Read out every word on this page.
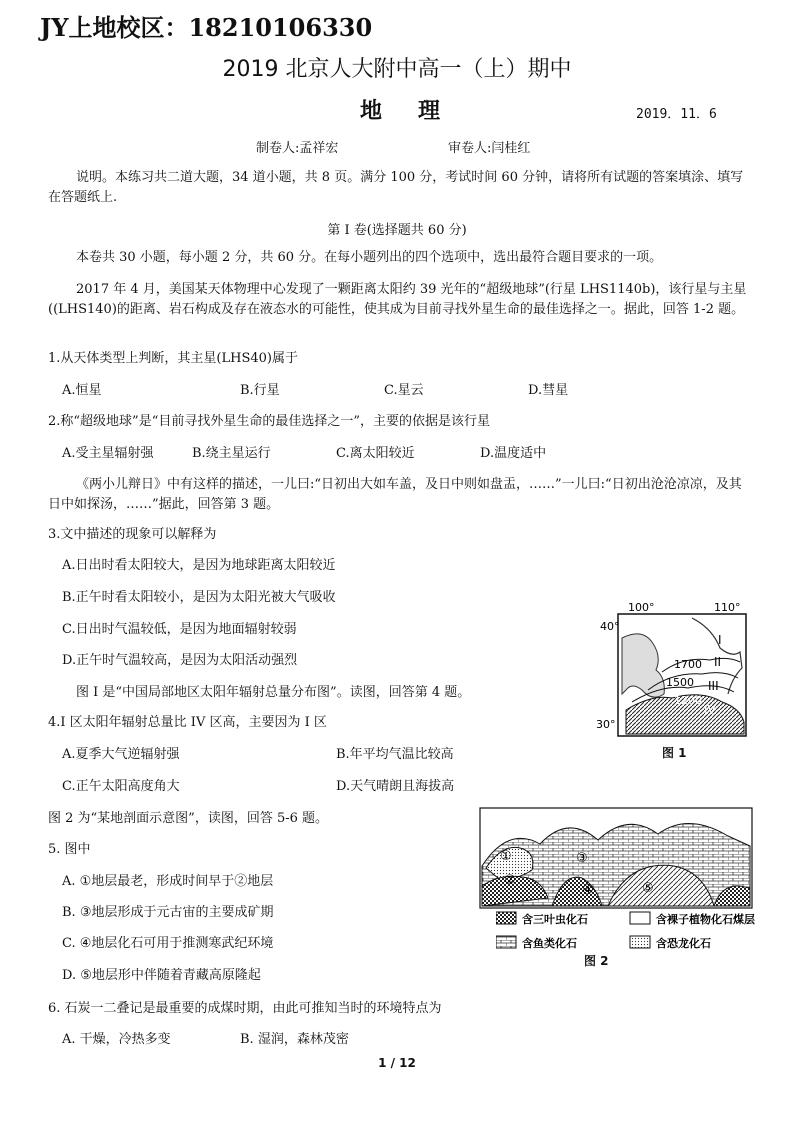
JY上地校区：18210106330
2019 北京人大附中高一（上）期中
地理	2019．11．6
制卷人:孟祥宏	审卷人:闫桂红
说明。本练习共二道大题，34 道小题，共 8 页。满分 100 分，考试时间 60 分钟，请将所有试题的答案填涂、填写在答题纸上.
第 I 卷(选择题共 60 分)
本卷共 30 小题，每小题 2 分，共 60 分。在每小题列出的四个选项中，选出最符合题目要求的一项。
2017 年 4 月，美国某天体物理中心发现了一颗距离太阳约 39 光年的“超级地球”(行星 LHS1140b)，该行星与主星((LHS140)的距离、岩石构成及存在液态水的可能性，使其成为目前寻找外星生命的最佳选择之一。据此，回答 1-2 题。
1.从天体类型上判断，其主星(LHS40)属于
A.恒星	B.行星	C.星云	D.彗星
2.称“超级地球”是“目前寻找外星生命的最佳选择之一”，主要的依据是该行星
A.受主星辐射强	B.绕主星运行	C.离太阳较近	D.温度适中
《两小儿辩日》中有这样的描述，一儿曰:“日初出大如车盖，及日中则如盘盂，……”一儿曰:“日初出沧沧凉凉，及其日中如探汤，……”据此，回答第 3 题。
3.文中描述的现象可以解释为
A.日出时看太阳较大，是因为地球距离太阳较近
B.正午时看太阳较小，是因为太阳光被大气吸收
C.日出时气温较低，是因为地面辐射较弱
D.正午时气温较高，是因为太阳活动强烈
图 I 是“中国局部地区太阳年辐射总量分布图”。读图，回答第 4 题。
4.I 区太阳年辐射总量比 IV 区高，主要因为 I 区
A.夏季大气逆辐射强	B.年平均气温比较高
C.正午太阳高度角大	D.天气晴朗且海拔高
图 2 为“某地剖面示意图”，读图，回答 5-6 题。
5. 图中
A. ①地层最老，形成时间早于②地层
B. ③地层形成于元古宙的主要成矿期
C. ④地层化石可用于推测寒武纪环境
D. ⑤地层形中伴随着青藏高原隆起
6. 石炭一二叠记是最重要的成煤时期，由此可推知当时的环境特点为
A. 干燥，冷热多变	B. 湿润，森林茂密
40°
30°
100°	110°
1700
1500
1200
I
II
III
IV
图 1
①
②
③
④	⑤
含三叶虫化石	含裸子植物化石煤层
含鱼类化石	含恐龙化石
图 2
1 / 12
